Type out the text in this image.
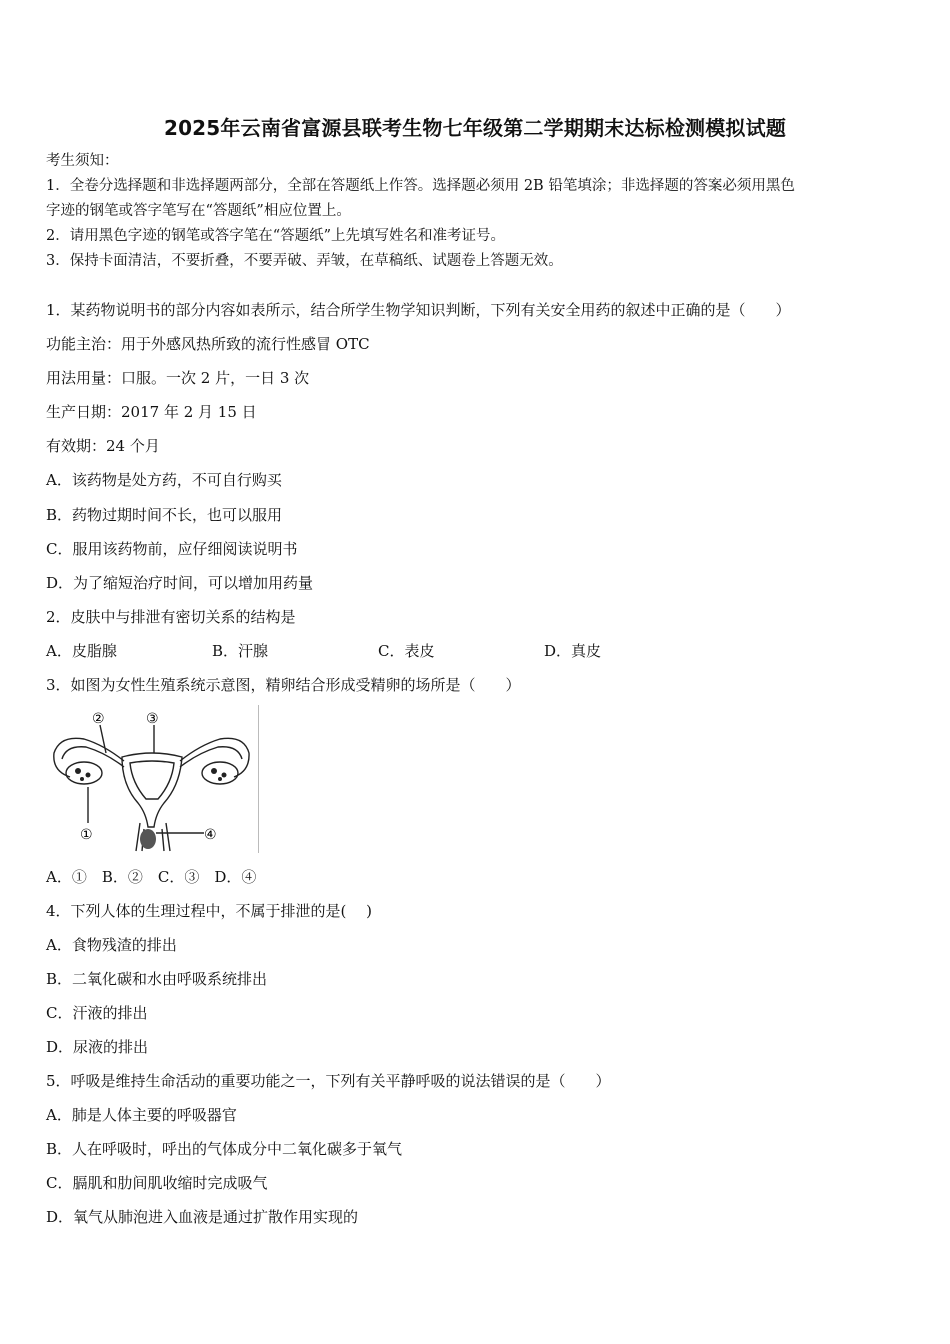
2025年云南省富源县联考生物七年级第二学期期末达标检测模拟试题
考生须知：
1．全卷分选择题和非选择题两部分，全部在答题纸上作答。选择题必须用 2B 铅笔填涂；非选择题的答案必须用黑色
字迹的钢笔或答字笔写在“答题纸”相应位置上。
2．请用黑色字迹的钢笔或答字笔在“答题纸”上先填写姓名和准考证号。
3．保持卡面清洁，不要折叠，不要弄破、弄皱，在草稿纸、试题卷上答题无效。
1．某药物说明书的部分内容如表所示，结合所学生物学知识判断，下列有关安全用药的叙述中正确的是（　　）
功能主治：用于外感风热所致的流行性感冒 OTC
用法用量：口服。一次 2 片，一日 3 次
生产日期：2017 年 2 月 15 日
有效期：24 个月
A．该药物是处方药，不可自行购买
B．药物过期时间不长，也可以服用
C．服用该药物前，应仔细阅读说明书
D．为了缩短治疗时间，可以增加用药量
2．皮肤中与排泄有密切关系的结构是
A．皮脂腺	B．汗腺	C．表皮	D．真皮
3．如图为女性生殖系统示意图，精卵结合形成受精卵的场所是（　　）
②	③
①	④
A．①　B．②　C．③　D．④
4．下列人体的生理过程中，不属于排泄的是(　 )
A．食物残渣的排出
B．二氧化碳和水由呼吸系统排出
C．汗液的排出
D．尿液的排出
5．呼吸是维持生命活动的重要功能之一，下列有关平静呼吸的说法错误的是（　　）
A．肺是人体主要的呼吸器官
B．人在呼吸时，呼出的气体成分中二氧化碳多于氧气
C．膈肌和肋间肌收缩时完成吸气
D．氧气从肺泡进入血液是通过扩散作用实现的
